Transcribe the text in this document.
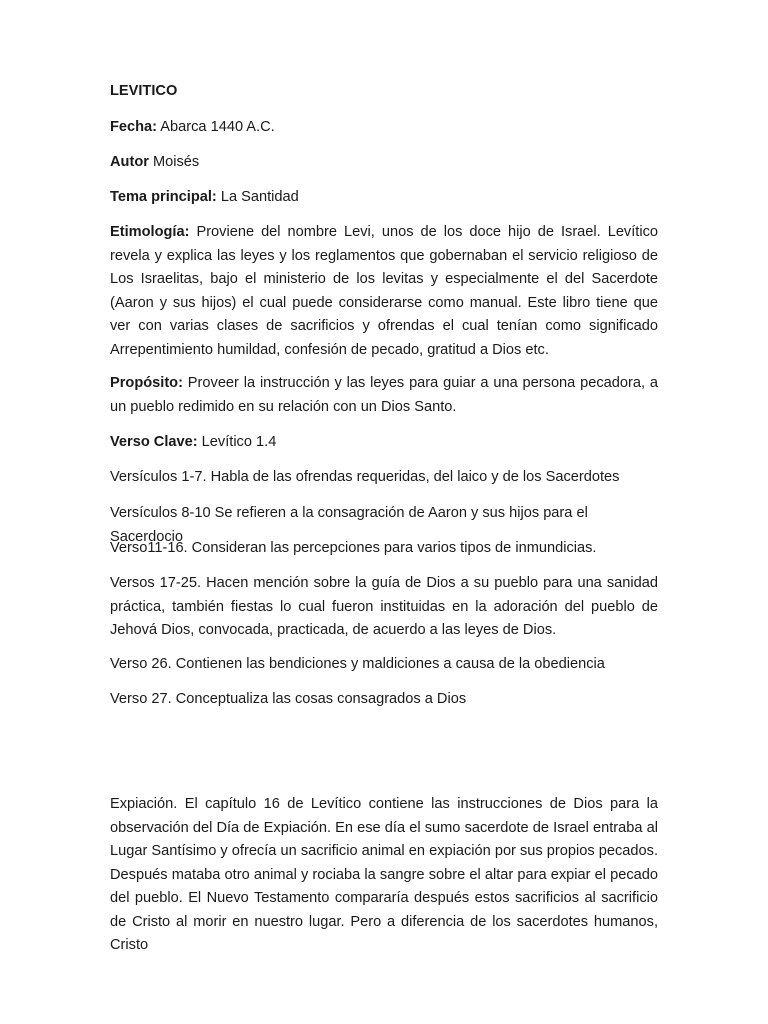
LEVITICO

Fecha: Abarca 1440 A.C.

Autor Moisés

Tema principal: La Santidad

Etimología: Proviene del nombre Levi, unos de los doce hijo de Israel. Levítico revela y explica las leyes y los reglamentos que gobernaban el servicio religioso de Los Israelitas, bajo el ministerio de los levitas y especialmente el del Sacerdote (Aaron y sus hijos) el cual puede considerarse como manual. Este libro tiene que ver con varias clases de sacrificios y ofrendas el cual tenían como significado Arrepentimiento humildad, confesión de pecado, gratitud a Dios etc.

Propósito: Proveer la instrucción y las leyes para guiar a una persona pecadora, a un pueblo redimido en su relación con un Dios Santo.

Verso Clave: Levítico 1.4

Versículos 1-7. Habla de las ofrendas requeridas, del laico y de los Sacerdotes

Versículos 8-10 Se refieren a la consagración de Aaron y sus hijos para el Sacerdocio

Verso11-16. Consideran las percepciones para varios tipos de inmundicias.

Versos 17-25. Hacen mención sobre la guía de Dios a su pueblo para una sanidad práctica, también fiestas lo cual fueron instituidas en la adoración del pueblo de Jehová Dios, convocada, practicada, de acuerdo a las leyes de Dios.

Verso 26. Contienen las bendiciones y maldiciones a causa de la obediencia

Verso 27. Conceptualiza las cosas consagrados a Dios

Expiación. El capítulo 16 de Levítico contiene las instrucciones de Dios para la observación del Día de Expiación. En ese día el sumo sacerdote de Israel entraba al Lugar Santísimo y ofrecía un sacrificio animal en expiación por sus propios pecados. Después mataba otro animal y rociaba la sangre sobre el altar para expiar el pecado del pueblo. El Nuevo Testamento compararía después estos sacrificios al sacrificio de Cristo al morir en nuestro lugar. Pero a diferencia de los sacerdotes humanos, Cristo
